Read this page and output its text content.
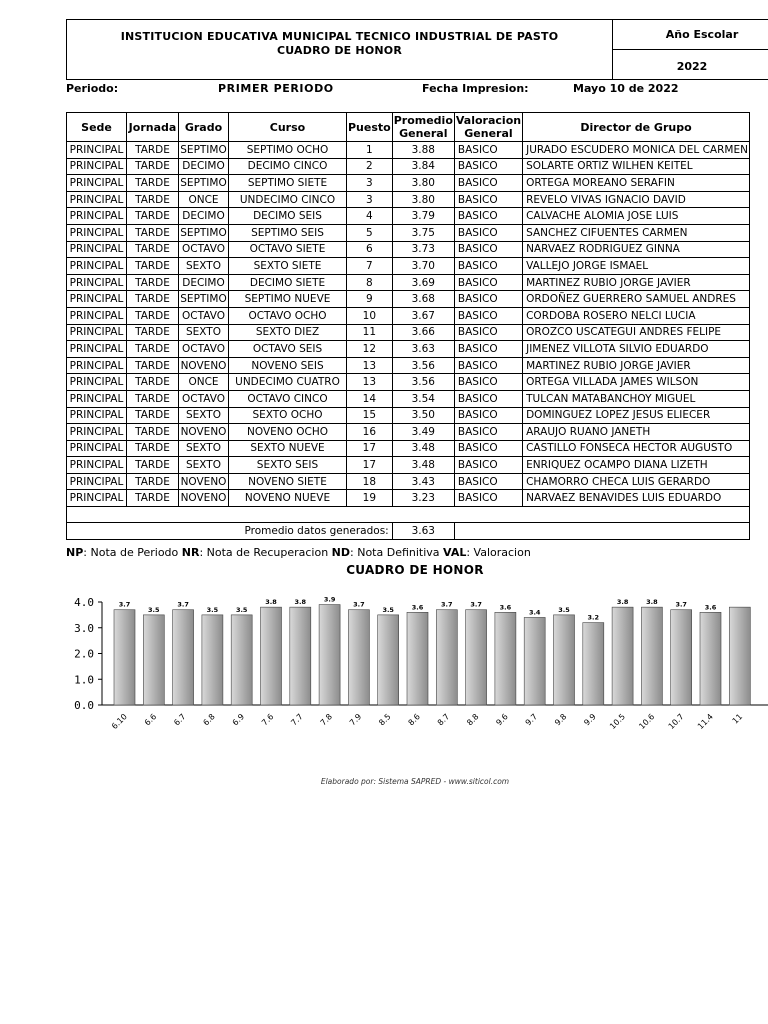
INSTITUCION EDUCATIVA MUNICIPAL TECNICO INDUSTRIAL DE PASTO
CUADRO DE HONOR
Año Escolar
2022
Periodo:	PRIMER PERIODO	Fecha Impresion:	Mayo 10 de 2022
Sede	Jornada	Grado	Curso	Puesto	Promedio General	Valoracion General	Director de Grupo
PRINCIPAL	TARDE	SEPTIMO	SEPTIMO OCHO	1	3.88	BASICO	JURADO ESCUDERO MONICA DEL CARMEN
PRINCIPAL	TARDE	DECIMO	DECIMO CINCO	2	3.84	BASICO	SOLARTE ORTIZ WILHEN KEITEL
PRINCIPAL	TARDE	SEPTIMO	SEPTIMO SIETE	3	3.80	BASICO	ORTEGA MOREANO SERAFIN
PRINCIPAL	TARDE	ONCE	UNDECIMO CINCO	3	3.80	BASICO	REVELO VIVAS IGNACIO DAVID
PRINCIPAL	TARDE	DECIMO	DECIMO SEIS	4	3.79	BASICO	CALVACHE ALOMIA JOSE LUIS
PRINCIPAL	TARDE	SEPTIMO	SEPTIMO SEIS	5	3.75	BASICO	SANCHEZ CIFUENTES CARMEN
PRINCIPAL	TARDE	OCTAVO	OCTAVO SIETE	6	3.73	BASICO	NARVAEZ RODRIGUEZ GINNA
PRINCIPAL	TARDE	SEXTO	SEXTO SIETE	7	3.70	BASICO	VALLEJO JORGE ISMAEL
PRINCIPAL	TARDE	DECIMO	DECIMO SIETE	8	3.69	BASICO	MARTINEZ RUBIO JORGE JAVIER
PRINCIPAL	TARDE	SEPTIMO	SEPTIMO NUEVE	9	3.68	BASICO	ORDOÑEZ GUERRERO SAMUEL ANDRES
PRINCIPAL	TARDE	OCTAVO	OCTAVO OCHO	10	3.67	BASICO	CORDOBA ROSERO NELCI LUCIA
PRINCIPAL	TARDE	SEXTO	SEXTO DIEZ	11	3.66	BASICO	OROZCO USCATEGUI ANDRES FELIPE
PRINCIPAL	TARDE	OCTAVO	OCTAVO SEIS	12	3.63	BASICO	JIMENEZ VILLOTA SILVIO EDUARDO
PRINCIPAL	TARDE	NOVENO	NOVENO SEIS	13	3.56	BASICO	MARTINEZ RUBIO JORGE JAVIER
PRINCIPAL	TARDE	ONCE	UNDECIMO CUATRO	13	3.56	BASICO	ORTEGA VILLADA JAMES WILSON
PRINCIPAL	TARDE	OCTAVO	OCTAVO CINCO	14	3.54	BASICO	TULCAN MATABANCHOY MIGUEL
PRINCIPAL	TARDE	SEXTO	SEXTO OCHO	15	3.50	BASICO	DOMINGUEZ LOPEZ JESUS ELIECER
PRINCIPAL	TARDE	NOVENO	NOVENO OCHO	16	3.49	BASICO	ARAUJO RUANO JANETH
PRINCIPAL	TARDE	SEXTO	SEXTO NUEVE	17	3.48	BASICO	CASTILLO FONSECA HECTOR AUGUSTO
PRINCIPAL	TARDE	SEXTO	SEXTO SEIS	17	3.48	BASICO	ENRIQUEZ OCAMPO DIANA LIZETH
PRINCIPAL	TARDE	NOVENO	NOVENO SIETE	18	3.43	BASICO	CHAMORRO CHECA LUIS GERARDO
PRINCIPAL	TARDE	NOVENO	NOVENO NUEVE	19	3.23	BASICO	NARVAEZ BENAVIDES LUIS EDUARDO

Promedio datos generados:					3.63		
NP: Nota de Periodo NR: Nota de Recuperacion ND: Nota Definitiva VAL: Valoracion
CUADRO DE HONOR
0.0
1.0
2.0
3.0
4.0	3.7
6.10
3.5
6.6
3.7
6.7
3.5
6.8
3.5
6.9
3.8
7.6
3.8
7.7
3.9
7.8
3.7
7.9
3.5
8.5
3.6
8.6
3.7
8.7
3.7
8.8
3.6
9.6
3.4
9.7
3.5
9.8
3.2
9.9
3.8
10.5
3.8
10.6
3.7
10.7
3.6
11.4 11
Elaborado por: Sistema SAPRED - www.siticol.com
